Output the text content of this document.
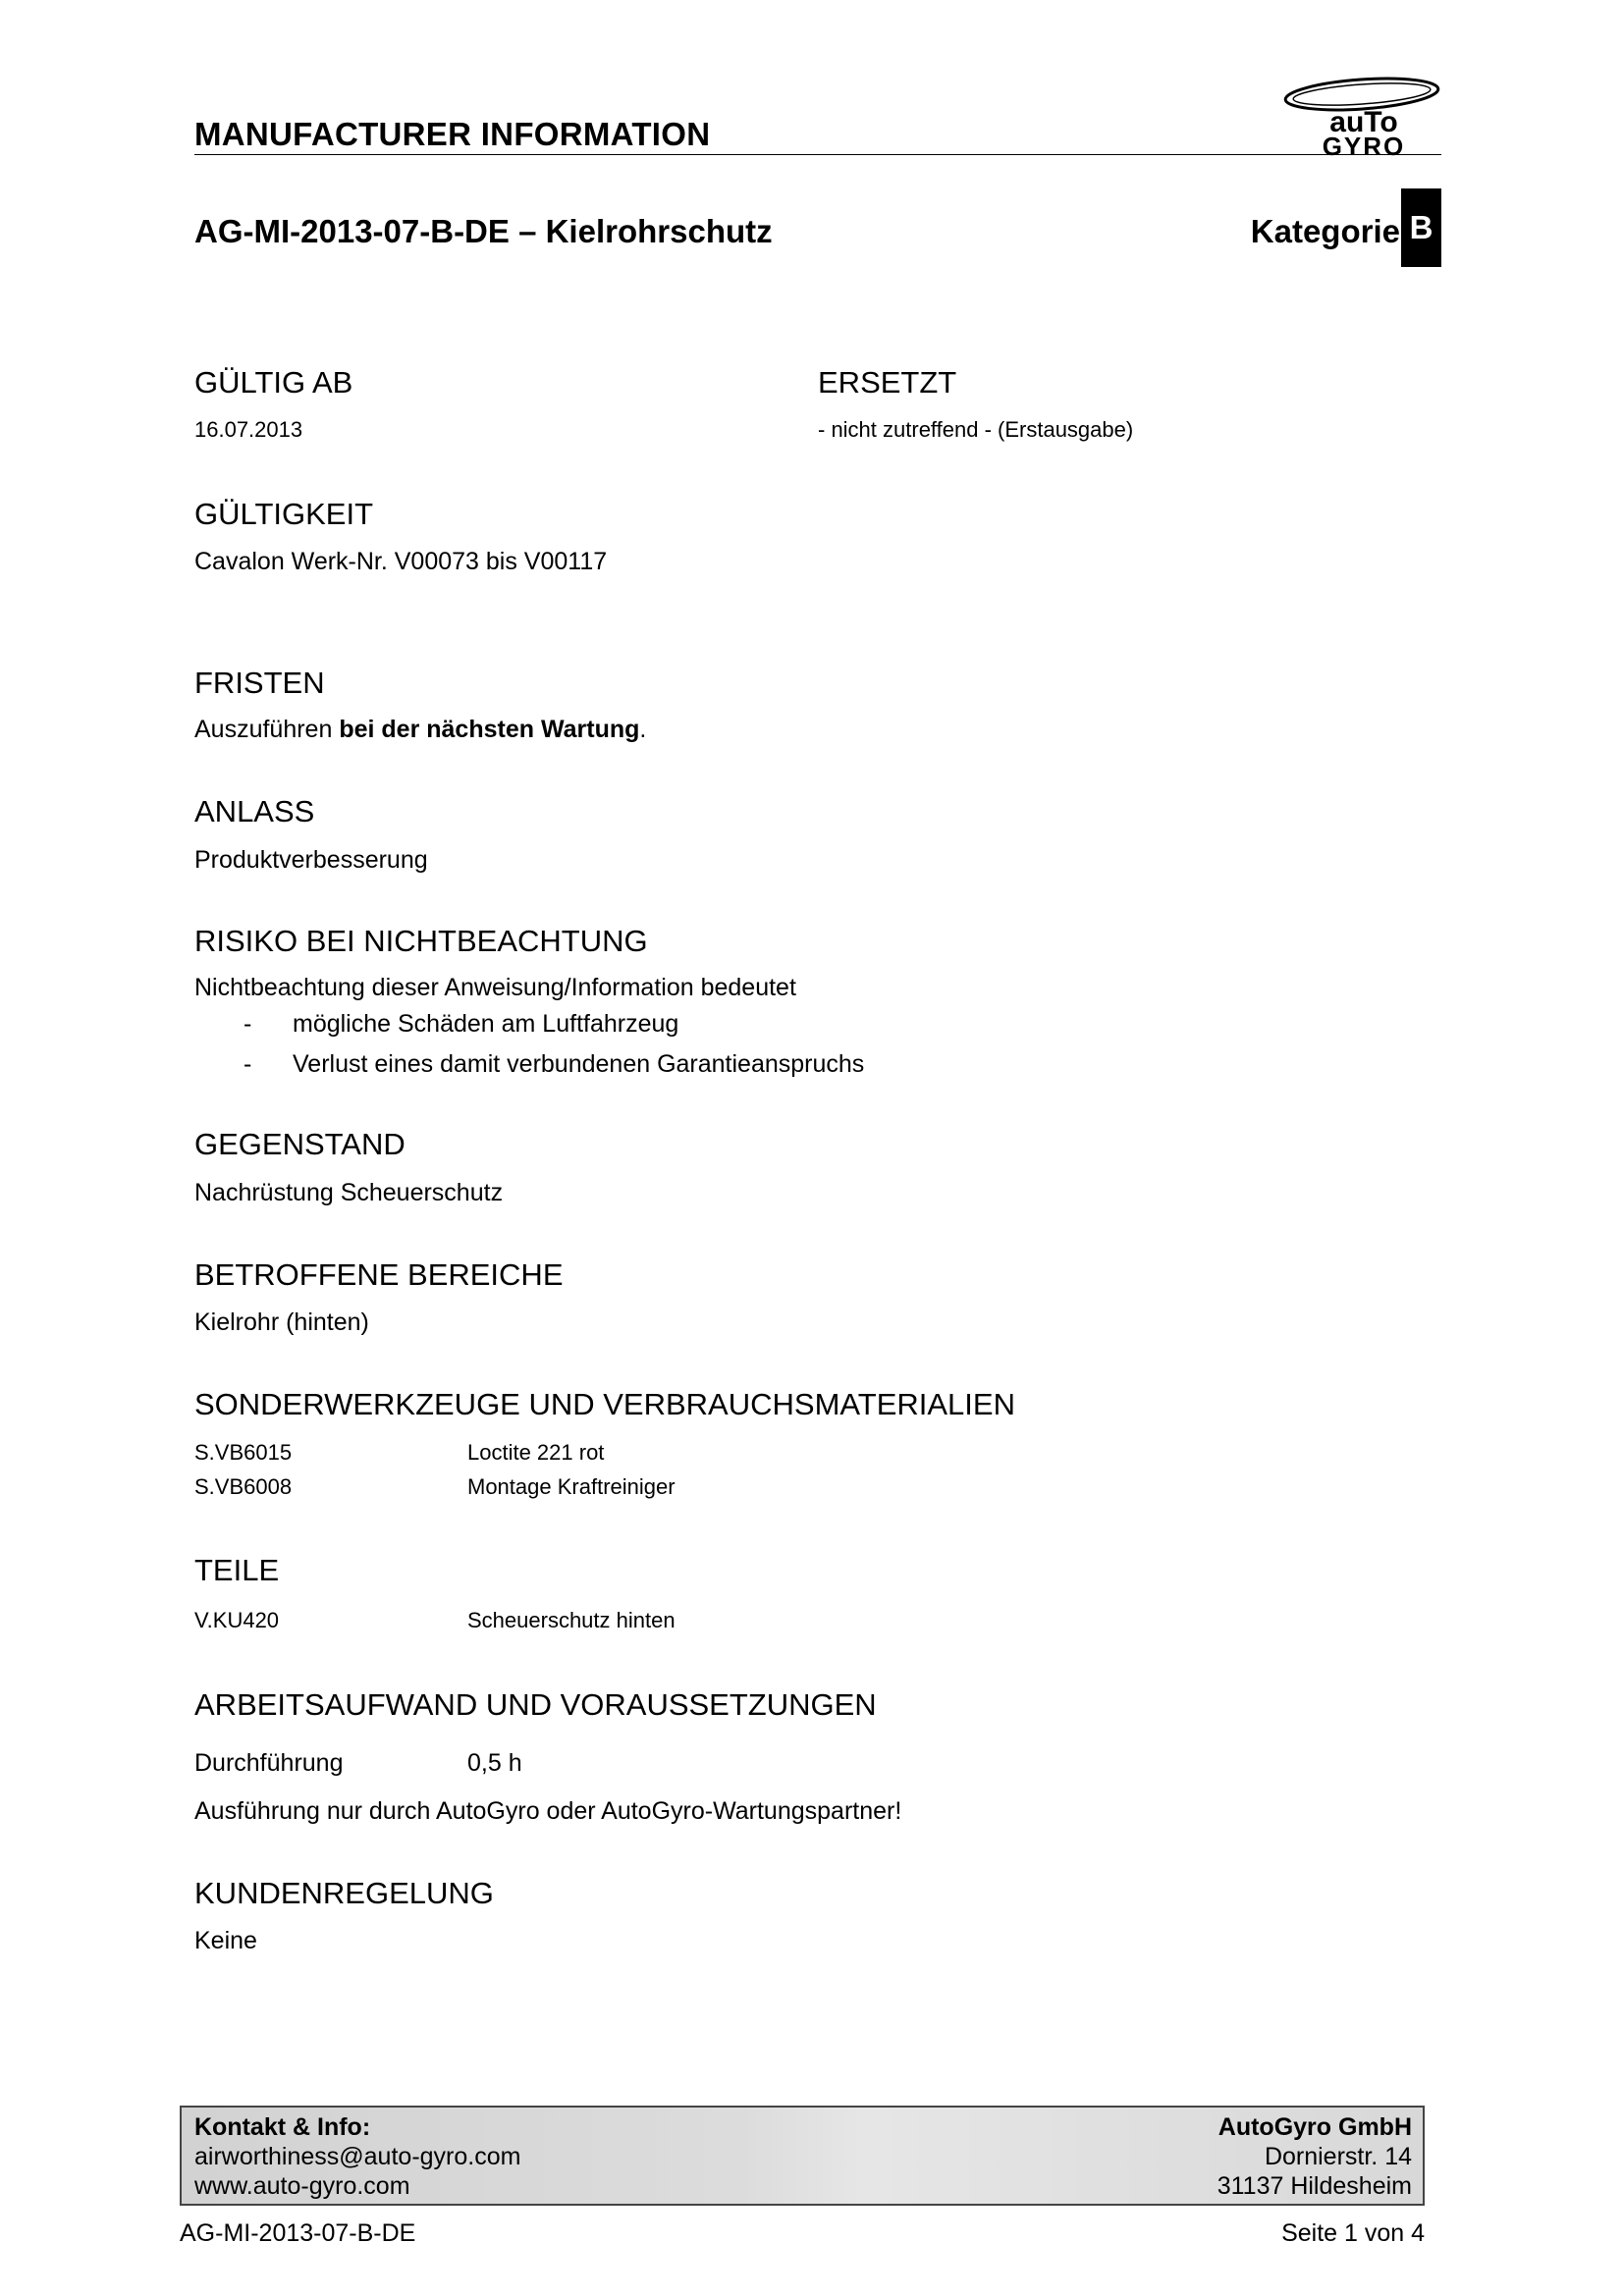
MANUFACTURER INFORMATION	auTo
GYRO
AG-MI-2013-07-B-DE – Kielrohrschutz	Kategorie B
GÜLTIG AB
16.07.2013
ERSETZT
- nicht zutreffend - (Erstausgabe)
GÜLTIGKEIT
Cavalon Werk-Nr. V00073 bis V00117
FRISTEN
Auszuführen bei der nächsten Wartung.
ANLASS
Produktverbesserung
RISIKO BEI NICHTBEACHTUNG
Nichtbeachtung dieser Anweisung/Information bedeutet
- mögliche Schäden am Luftfahrzeug
- Verlust eines damit verbundenen Garantieanspruchs
GEGENSTAND
Nachrüstung Scheuerschutz
BETROFFENE BEREICHE
Kielrohr (hinten)
SONDERWERKZEUGE UND VERBRAUCHSMATERIALIEN
S.VB6015	Loctite 221 rot
S.VB6008	Montage Kraftreiniger
TEILE
V.KU420	Scheuerschutz hinten
ARBEITSAUFWAND UND VORAUSSETZUNGEN
Durchführung	0,5 h
Ausführung nur durch AutoGyro oder AutoGyro-Wartungspartner!
KUNDENREGELUNG
Keine
Kontakt & Info:
airworthiness@auto-gyro.com
www.auto-gyro.com
AutoGyro GmbH
Dornierstr. 14
31137 Hildesheim
AG-MI-2013-07-B-DE	Seite 1 von 4
